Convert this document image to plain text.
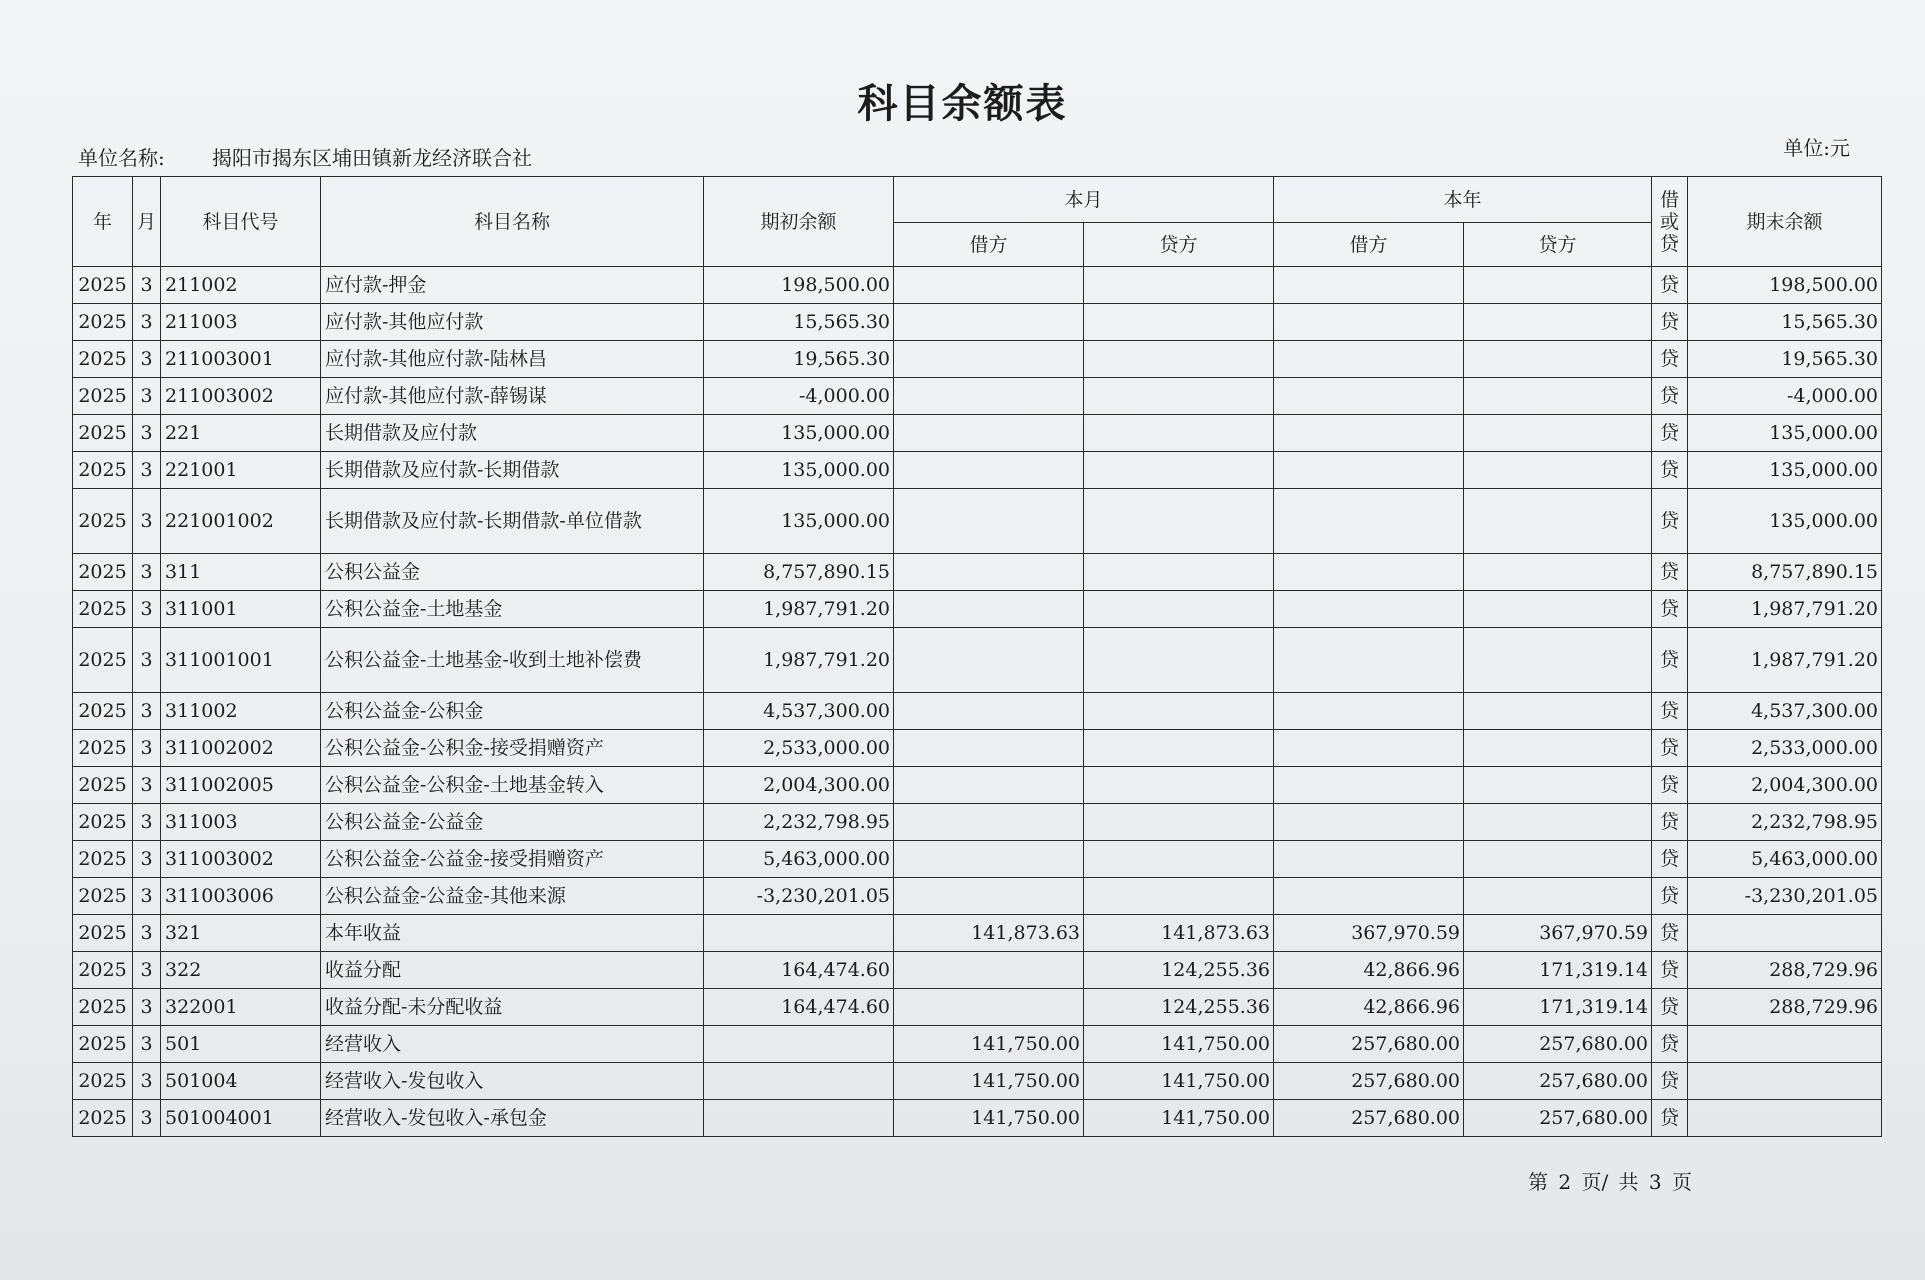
科目余额表
单位名称: 揭阳市揭东区埔田镇新龙经济联合社	单位:元
年	月	科目代号	科目名称	期初余额	本月		本年		借或贷	期末余额
					借方	贷方	借方	贷方		
2025	3	211002	应付款-押金	198,500.00					贷	198,500.00
2025	3	211003	应付款-其他应付款	15,565.30					贷	15,565.30
2025	3	211003001	应付款-其他应付款-陆林昌	19,565.30					贷	19,565.30
2025	3	211003002	应付款-其他应付款-薛锡谋	-4,000.00					贷	-4,000.00
2025	3	221	长期借款及应付款	135,000.00					贷	135,000.00
2025	3	221001	长期借款及应付款-长期借款	135,000.00					贷	135,000.00
2025	3	221001002	长期借款及应付款-长期借款-单位借款	135,000.00					贷	135,000.00
2025	3	311	公积公益金	8,757,890.15					贷	8,757,890.15
2025	3	311001	公积公益金-土地基金	1,987,791.20					贷	1,987,791.20
2025	3	311001001	公积公益金-土地基金-收到土地补偿费	1,987,791.20					贷	1,987,791.20
2025	3	311002	公积公益金-公积金	4,537,300.00					贷	4,537,300.00
2025	3	311002002	公积公益金-公积金-接受捐赠资产	2,533,000.00					贷	2,533,000.00
2025	3	311002005	公积公益金-公积金-土地基金转入	2,004,300.00					贷	2,004,300.00
2025	3	311003	公积公益金-公益金	2,232,798.95					贷	2,232,798.95
2025	3	311003002	公积公益金-公益金-接受捐赠资产	5,463,000.00					贷	5,463,000.00
2025	3	311003006	公积公益金-公益金-其他来源	-3,230,201.05					贷	-3,230,201.05
2025	3	321	本年收益		141,873.63	141,873.63	367,970.59	367,970.59	贷	
2025	3	322	收益分配	164,474.60		124,255.36	42,866.96	171,319.14	贷	288,729.96
2025	3	322001	收益分配-未分配收益	164,474.60		124,255.36	42,866.96	171,319.14	贷	288,729.96
2025	3	501	经营收入		141,750.00	141,750.00	257,680.00	257,680.00	贷	
2025	3	501004	经营收入-发包收入		141,750.00	141,750.00	257,680.00	257,680.00	贷	
2025	3	501004001	经营收入-发包收入-承包金		141,750.00	141,750.00	257,680.00	257,680.00	贷	
第 2 页/ 共 3 页
